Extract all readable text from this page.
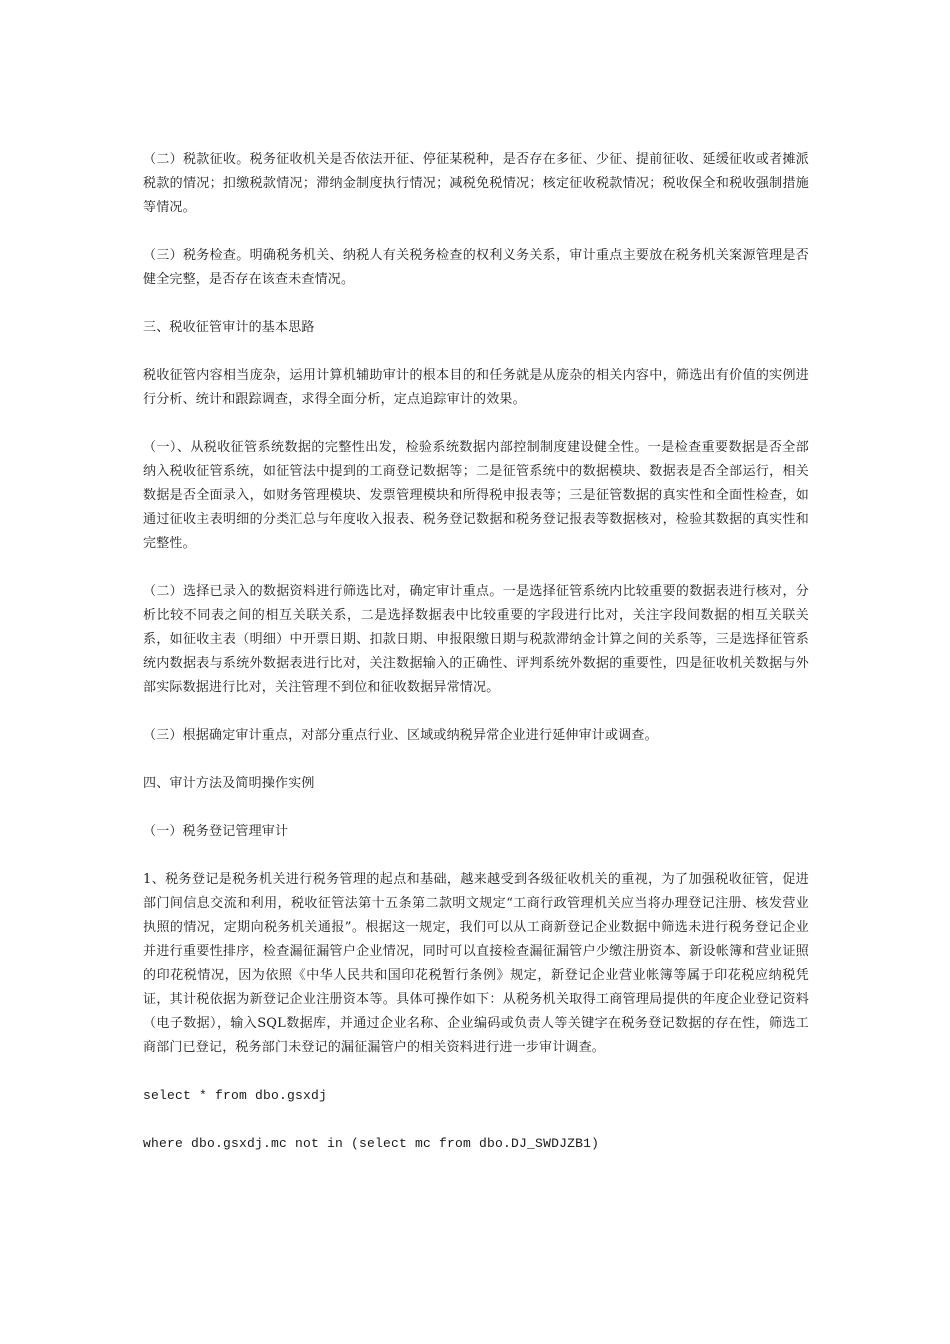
（二）税款征收。税务征收机关是否依法开征、停征某税种，是否存在多征、少征、提前征收、延缓征收或者摊派税款的情况；扣缴税款情况；滞纳金制度执行情况；减税免税情况；核定征收税款情况；税收保全和税收强制措施等情况。

（三）税务检查。明确税务机关、纳税人有关税务检查的权利义务关系，审计重点主要放在税务机关案源管理是否健全完整，是否存在该查未查情况。

三、税收征管审计的基本思路

税收征管内容相当庞杂，运用计算机辅助审计的根本目的和任务就是从庞杂的相关内容中，筛选出有价值的实例进行分析、统计和跟踪调查，求得全面分析，定点追踪审计的效果。

（一）、从税收征管系统数据的完整性出发，检验系统数据内部控制制度建设健全性。一是检查重要数据是否全部纳入税收征管系统，如征管法中提到的工商登记数据等；二是征管系统中的数据模块、数据表是否全部运行，相关数据是否全面录入，如财务管理模块、发票管理模块和所得税申报表等；三是征管数据的真实性和全面性检查，如通过征收主表明细的分类汇总与年度收入报表、税务登记数据和税务登记报表等数据核对，检验其数据的真实性和完整性。

（二）选择已录入的数据资料进行筛选比对，确定审计重点。一是选择征管系统内比较重要的数据表进行核对，分析比较不同表之间的相互关联关系，二是选择数据表中比较重要的字段进行比对，关注字段间数据的相互关联关系，如征收主表（明细）中开票日期、扣款日期、申报限缴日期与税款滞纳金计算之间的关系等，三是选择征管系统内数据表与系统外数据表进行比对，关注数据输入的正确性、评判系统外数据的重要性，四是征收机关数据与外部实际数据进行比对，关注管理不到位和征收数据异常情况。

（三）根据确定审计重点，对部分重点行业、区域或纳税异常企业进行延伸审计或调查。

四、审计方法及简明操作实例

（一）税务登记管理审计

1、税务登记是税务机关进行税务管理的起点和基础，越来越受到各级征收机关的重视，为了加强税收征管，促进部门间信息交流和利用，税收征管法第十五条第二款明文规定“工商行政管理机关应当将办理登记注册、核发营业执照的情况，定期向税务机关通报”。根据这一规定，我们可以从工商新登记企业数据中筛选未进行税务登记企业并进行重要性排序，检查漏征漏管户企业情况，同时可以直接检查漏征漏管户少缴注册资本、新设帐簿和营业证照的印花税情况，因为依照《中华人民共和国印花税暂行条例》规定，新登记企业营业帐簿等属于印花税应纳税凭证，其计税依据为新登记企业注册资本等。具体可操作如下：从税务机关取得工商管理局提供的年度企业登记资料（电子数据），输入SQL数据库，并通过企业名称、企业编码或负责人等关键字在税务登记数据的存在性，筛选工商部门已登记，税务部门未登记的漏征漏管户的相关资料进行进一步审计调查。

select * from dbo.gsxdj

where dbo.gsxdj.mc not in (select mc from dbo.DJ_SWDJZB1)
